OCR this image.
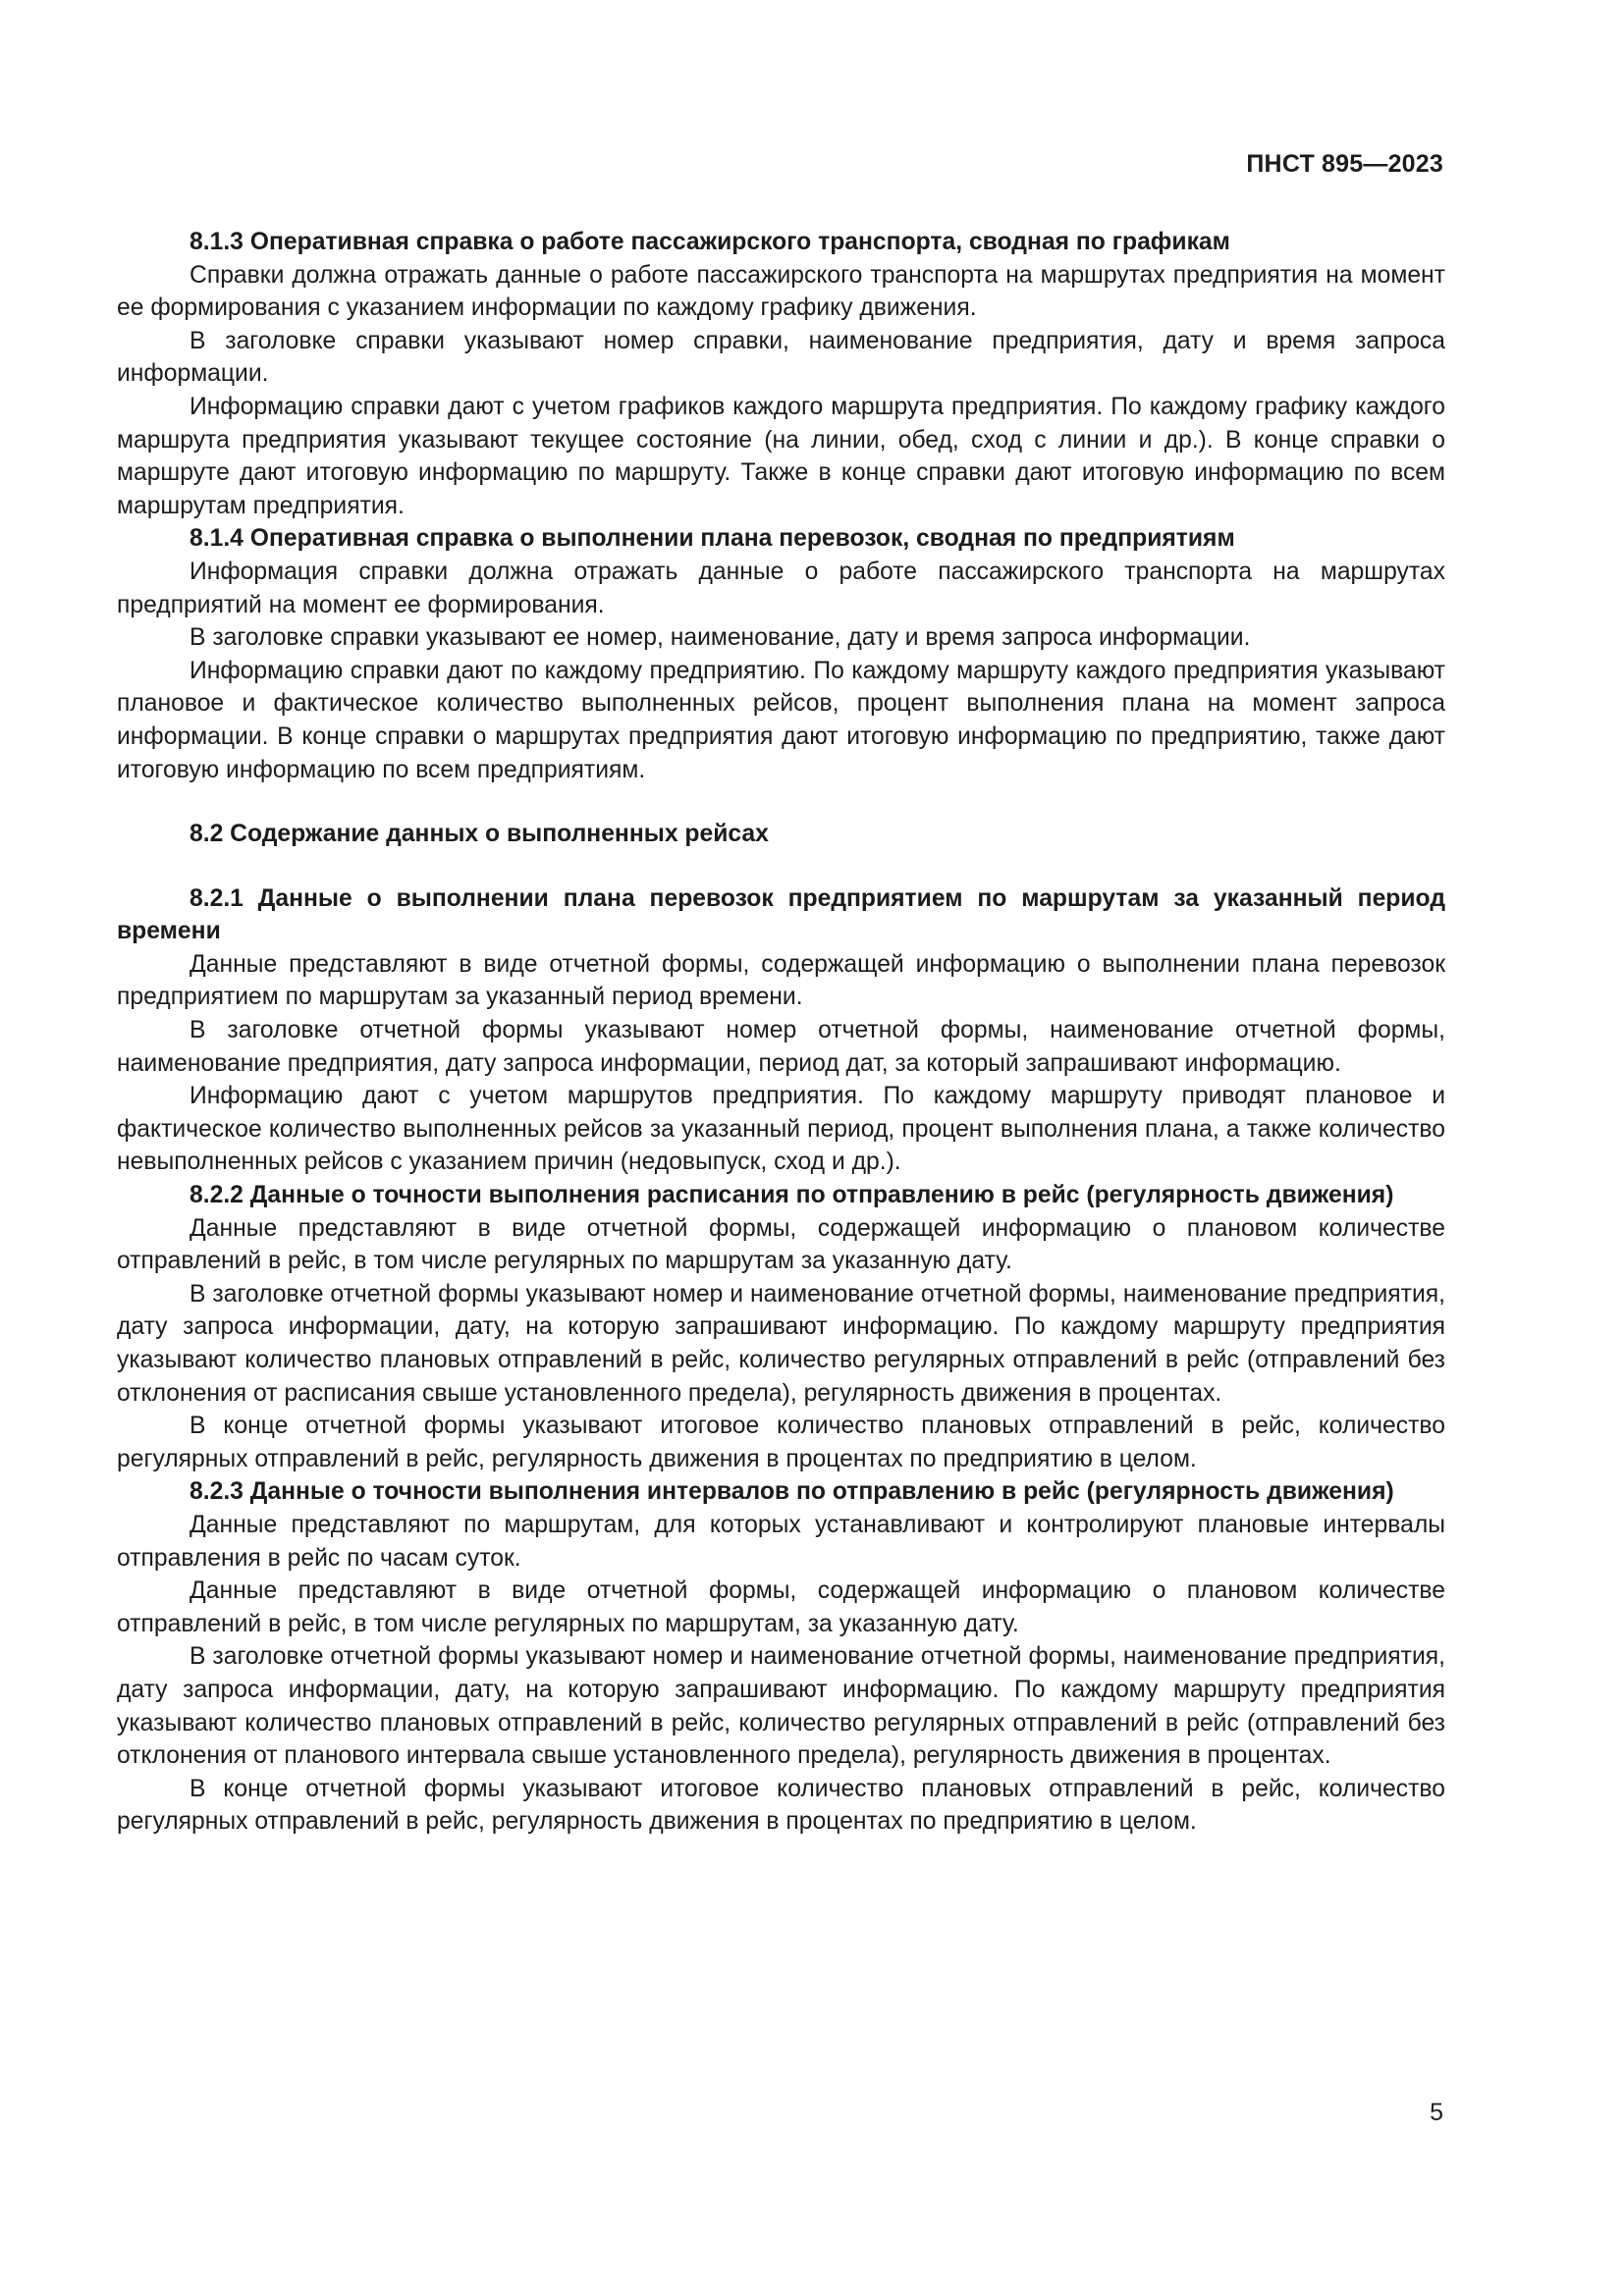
ПНСТ 895—2023

8.1.3 Оперативная справка о работе пассажирского транспорта, сводная по графикам

Справки должна отражать данные о работе пассажирского транспорта на маршрутах предприятия на момент ее формирования с указанием информации по каждому графику движения.

В заголовке справки указывают номер справки, наименование предприятия, дату и время запроса информации.

Информацию справки дают с учетом графиков каждого маршрута предприятия. По каждому графику каждого маршрута предприятия указывают текущее состояние (на линии, обед, сход с линии и др.). В конце справки о маршруте дают итоговую информацию по маршруту. Также в конце справки дают итоговую информацию по всем маршрутам предприятия.

8.1.4 Оперативная справка о выполнении плана перевозок, сводная по предприятиям

Информация справки должна отражать данные о работе пассажирского транспорта на маршрутах предприятий на момент ее формирования.

В заголовке справки указывают ее номер, наименование, дату и время запроса информации.

Информацию справки дают по каждому предприятию. По каждому маршруту каждого предприятия указывают плановое и фактическое количество выполненных рейсов, процент выполнения плана на момент запроса информации. В конце справки о маршрутах предприятия дают итоговую информацию по предприятию, также дают итоговую информацию по всем предприятиям.

8.2 Содержание данных о выполненных рейсах

8.2.1 Данные о выполнении плана перевозок предприятием по маршрутам за указанный период времени

Данные представляют в виде отчетной формы, содержащей информацию о выполнении плана перевозок предприятием по маршрутам за указанный период времени.

В заголовке отчетной формы указывают номер отчетной формы, наименование отчетной формы, наименование предприятия, дату запроса информации, период дат, за который запрашивают информацию.

Информацию дают с учетом маршрутов предприятия. По каждому маршруту приводят плановое и фактическое количество выполненных рейсов за указанный период, процент выполнения плана, а также количество невыполненных рейсов с указанием причин (недовыпуск, сход и др.).

8.2.2 Данные о точности выполнения расписания по отправлению в рейс (регулярность движения)

Данные представляют в виде отчетной формы, содержащей информацию о плановом количестве отправлений в рейс, в том числе регулярных по маршрутам за указанную дату.

В заголовке отчетной формы указывают номер и наименование отчетной формы, наименование предприятия, дату запроса информации, дату, на которую запрашивают информацию. По каждому маршруту предприятия указывают количество плановых отправлений в рейс, количество регулярных отправлений в рейс (отправлений без отклонения от расписания свыше установленного предела), регулярность движения в процентах.

В конце отчетной формы указывают итоговое количество плановых отправлений в рейс, количество регулярных отправлений в рейс, регулярность движения в процентах по предприятию в целом.

8.2.3 Данные о точности выполнения интервалов по отправлению в рейс (регулярность движения)

Данные представляют по маршрутам, для которых устанавливают и контролируют плановые интервалы отправления в рейс по часам суток.

Данные представляют в виде отчетной формы, содержащей информацию о плановом количестве отправлений в рейс, в том числе регулярных по маршрутам, за указанную дату.

В заголовке отчетной формы указывают номер и наименование отчетной формы, наименование предприятия, дату запроса информации, дату, на которую запрашивают информацию. По каждому маршруту предприятия указывают количество плановых отправлений в рейс, количество регулярных отправлений в рейс (отправлений без отклонения от планового интервала свыше установленного предела), регулярность движения в процентах.

В конце отчетной формы указывают итоговое количество плановых отправлений в рейс, количество регулярных отправлений в рейс, регулярность движения в процентах по предприятию в целом.

5
